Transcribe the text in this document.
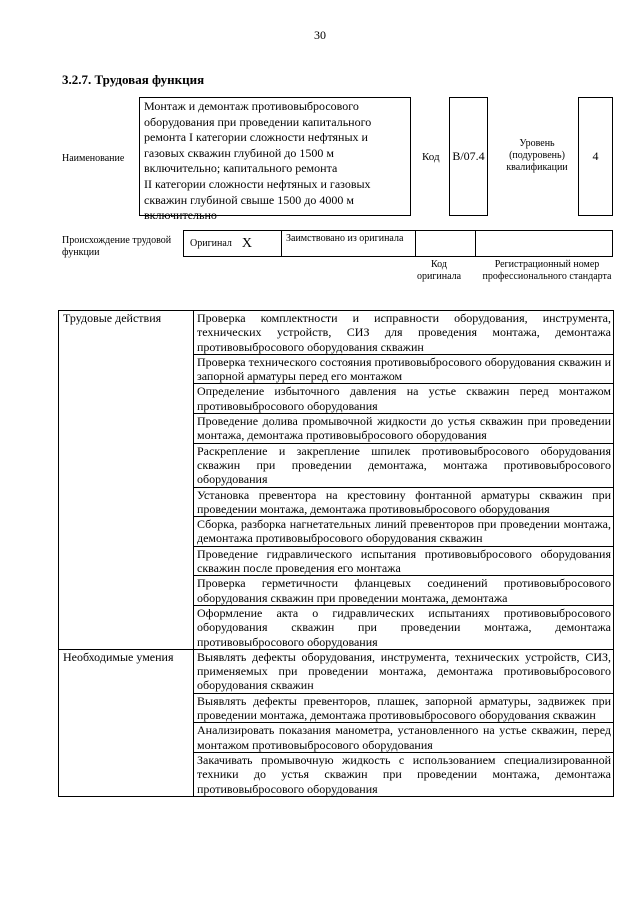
30
3.2.7. Трудовая функция
Наименование
Монтаж и демонтаж противовыбросового
оборудования при проведении капитального
ремонта I категории сложности нефтяных и
газовых скважин глубиной до 1500 м
включительно; капитального ремонта
II категории сложности нефтяных и газовых
скважин глубиной свыше 1500 до 4000 м
включительно
Код B/07.4
Уровень (подуровень) квалификации
4
Происхождение трудовой функции
Оригинал X	Заимствовано из оригинала
Код оригинала
Регистрационный номер профессионального стандарта
Трудовые действия	Проверка комплектности и исправности оборудования, инструмента, технических устройств, СИЗ для проведения монтажа, демонтажа противовыбросового оборудования скважин
	Проверка технического состояния противовыбросового оборудования скважин и запорной арматуры перед его монтажом
	Определение избыточного давления на устье скважин перед монтажом противовыбросового оборудования
	Проведение долива промывочной жидкости до устья скважин при проведении монтажа, демонтажа противовыбросового оборудования
	Раскрепление и закрепление шпилек противовыбросового оборудования скважин при проведении демонтажа, монтажа противовыбросового оборудования
	Установка превентора на крестовину фонтанной арматуры скважин при проведении монтажа, демонтажа противовыбросового оборудования
	Сборка, разборка нагнетательных линий превенторов при проведении монтажа, демонтажа противовыбросового оборудования скважин
	Проведение гидравлического испытания противовыбросового оборудования скважин после проведения его монтажа
	Проверка герметичности фланцевых соединений противовыбросового оборудования скважин при проведении монтажа, демонтажа
	Оформление акта о гидравлических испытаниях противовыбросового оборудования скважин при проведении монтажа, демонтажа противовыбросового оборудования
Необходимые умения	Выявлять дефекты оборудования, инструмента, технических устройств, СИЗ, применяемых при проведении монтажа, демонтажа противовыбросового оборудования скважин
	Выявлять дефекты превенторов, плашек, запорной арматуры, задвижек при проведении монтажа, демонтажа противовыбросового оборудования скважин
	Анализировать показания манометра, установленного на устье скважин, перед монтажом противовыбросового оборудования
	Закачивать промывочную жидкость с использованием специализированной техники до устья скважин при проведении монтажа, демонтажа противовыбросового оборудования
